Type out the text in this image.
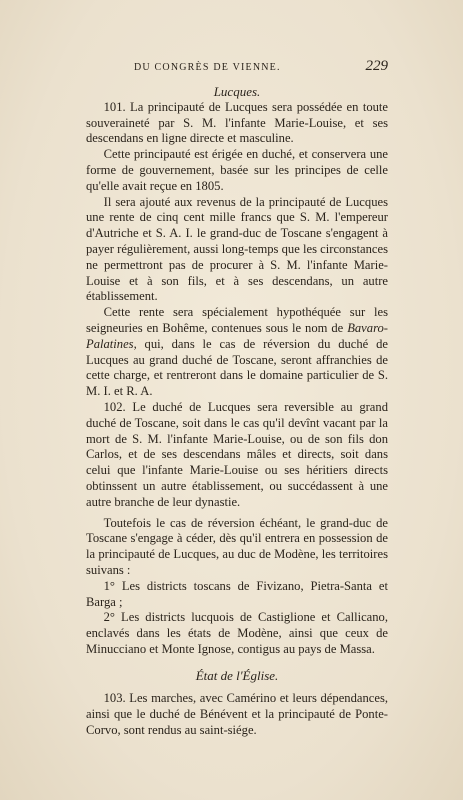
DU CONGRÈS DE VIENNE.	229

Lucques.

101. La principauté de Lucques sera possédée en toute souveraineté par S. M. l'infante Marie-Louise, et ses descendans en ligne directe et masculine.

Cette principauté est érigée en duché, et conservera une forme de gouvernement, basée sur les principes de celle qu'elle avait reçue en 1805.

Il sera ajouté aux revenus de la principauté de Lucques une rente de cinq cent mille francs que S. M. l'empereur d'Autriche et S. A. I. le grand-duc de Toscane s'engagent à payer régulièrement, aussi long-temps que les circonstances ne permettront pas de procurer à S. M. l'infante Marie-Louise et à son fils, et à ses descendans, un autre établissement.

Cette rente sera spécialement hypothéquée sur les seigneuries en Bohême, contenues sous le nom de Bavaro-Palatines, qui, dans le cas de réversion du duché de Lucques au grand duché de Toscane, seront affranchies de cette charge, et rentreront dans le domaine particulier de S. M. I. et R. A.

102. Le duché de Lucques sera reversible au grand duché de Toscane, soit dans le cas qu'il devînt vacant par la mort de S. M. l'infante Marie-Louise, ou de son fils don Carlos, et de ses descendans mâles et directs, soit dans celui que l'infante Marie-Louise ou ses héritiers directs obtinssent un autre établissement, ou succédassent à une autre branche de leur dynastie.

Toutefois le cas de réversion échéant, le grand-duc de Toscane s'engage à céder, dès qu'il entrera en possession de la principauté de Lucques, au duc de Modène, les territoires suivans :

1° Les districts toscans de Fivizano, Pietra-Santa et Barga ;

2° Les districts lucquois de Castiglione et Callicano, enclavés dans les états de Modène, ainsi que ceux de Minucciano et Monte Ignose, contigus au pays de Massa.

État de l'Église.

103. Les marches, avec Camérino et leurs dépendances, ainsi que le duché de Bénévent et la principauté de Ponte-Corvo, sont rendus au saint-siége.
